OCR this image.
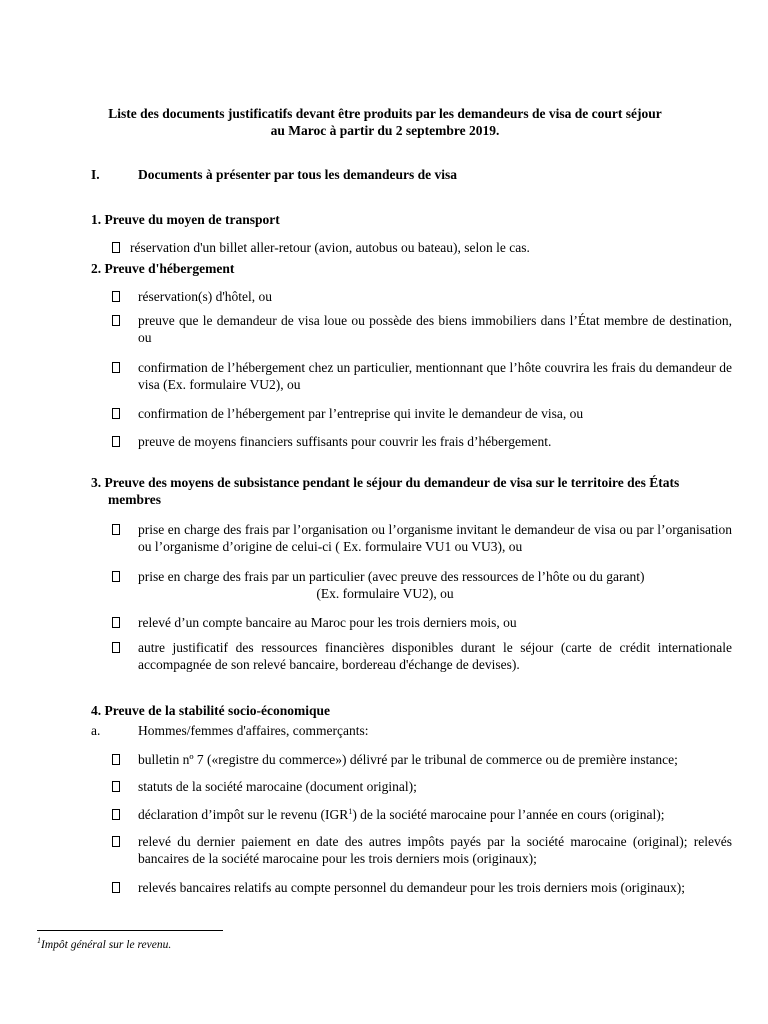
Liste des documents justificatifs devant être produits par les demandeurs de visa de court séjour
au Maroc à partir du 2 septembre 2019.
I.	Documents à présenter par tous les demandeurs de visa
1. Preuve du moyen de transport
réservation d'un billet aller-retour (avion, autobus ou bateau), selon le cas.
2. Preuve d'hébergement
réservation(s) d'hôtel, ou
preuve que le demandeur de visa loue ou possède des biens immobiliers dans l’État membre de destination, ou
confirmation de l’hébergement chez un particulier, mentionnant que l’hôte couvrira les frais du demandeur de visa (Ex. formulaire VU2), ou
confirmation de l’hébergement par l’entreprise qui invite le demandeur de visa, ou
preuve de moyens financiers suffisants pour couvrir les frais d’hébergement.
3. Preuve des moyens de subsistance pendant le séjour du demandeur de visa sur le territoire des États
membres
prise en charge des frais par l’organisation ou l’organisme invitant le demandeur de visa ou par l’organisation ou l’organisme d’origine de celui-ci ( Ex. formulaire VU1 ou VU3), ou
prise en charge des frais par un particulier (avec preuve des ressources de l’hôte ou du garant)
(Ex. formulaire VU2), ou
relevé d’un compte bancaire au Maroc pour les trois derniers mois, ou
autre justificatif des ressources financières disponibles durant le séjour (carte de crédit internationale accompagnée de son relevé bancaire, bordereau d'échange de devises).
4. Preuve de la stabilité socio-économique
a.	Hommes/femmes d'affaires, commerçants:
bulletin nº 7 («registre du commerce») délivré par le tribunal de commerce ou de première instance;
statuts de la société marocaine (document original);
déclaration d’impôt sur le revenu (IGR$^1$) de la société marocaine pour l’année en cours (original);
relevé du dernier paiement en date des autres impôts payés par la société marocaine (original); relevés bancaires de la société marocaine pour les trois derniers mois (originaux);
relevés bancaires relatifs au compte personnel du demandeur pour les trois derniers mois (originaux);
$^1$Impôt général sur le revenu.
